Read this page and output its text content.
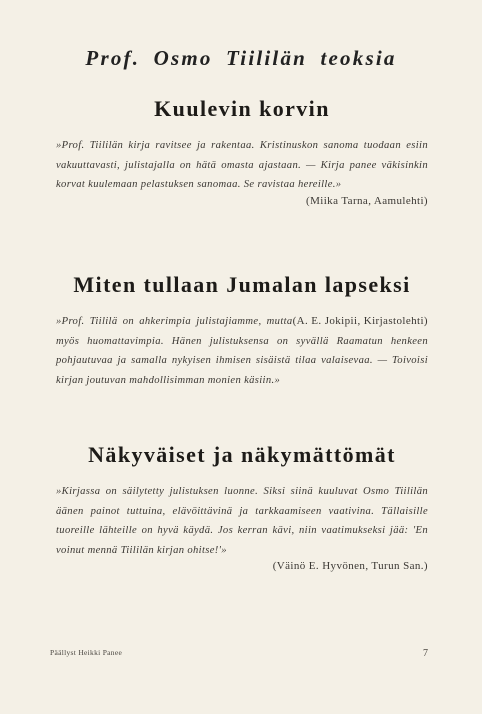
Prof. Osmo Tiililän teoksia
Kuulevin korvin

»Prof. Tiililän kirja ravitsee ja rakentaa. Kristinuskon sanoma tuodaan esiin vakuuttavasti, julistajalla on hätä omasta ajastaan. — Kirja panee väkisinkin korvat kuulemaan pelastuksen sanomaa. Se ravistaa hereille.»

(Miika Tarna, Aamulehti)
Miten tullaan Jumalan lapseksi

(A. E. Jokipii, Kirjastolehti)
»Prof. Tiililä on ahkerimpia julistajiamme, mutta myös huomattavimpia. Hänen julistuksensa on syvällä Raamatun henkeen pohjautuvaa ja samalla nykyisen ihmisen sisäistä tilaa valaisevaa. — Toivoisi kirjan joutuvan mahdollisimman monien käsiin.»

Näkyväiset ja näkymättömät

»Kirjassa on säilytetty julistuksen luonne. Siksi siinä kuuluvat Osmo Tiililän äänen painot tuttuina, elävöittävinä ja tarkkaamiseen vaativina. Tällaisille tuoreille lähteille on hyvä käydä. Jos kerran kävi, niin vaatimukseksi jää: 'En voinut mennä Tiililän kirjan ohitse!'»

(Väinö E. Hyvönen, Turun San.)
Päällyst Heikki Panee	7
